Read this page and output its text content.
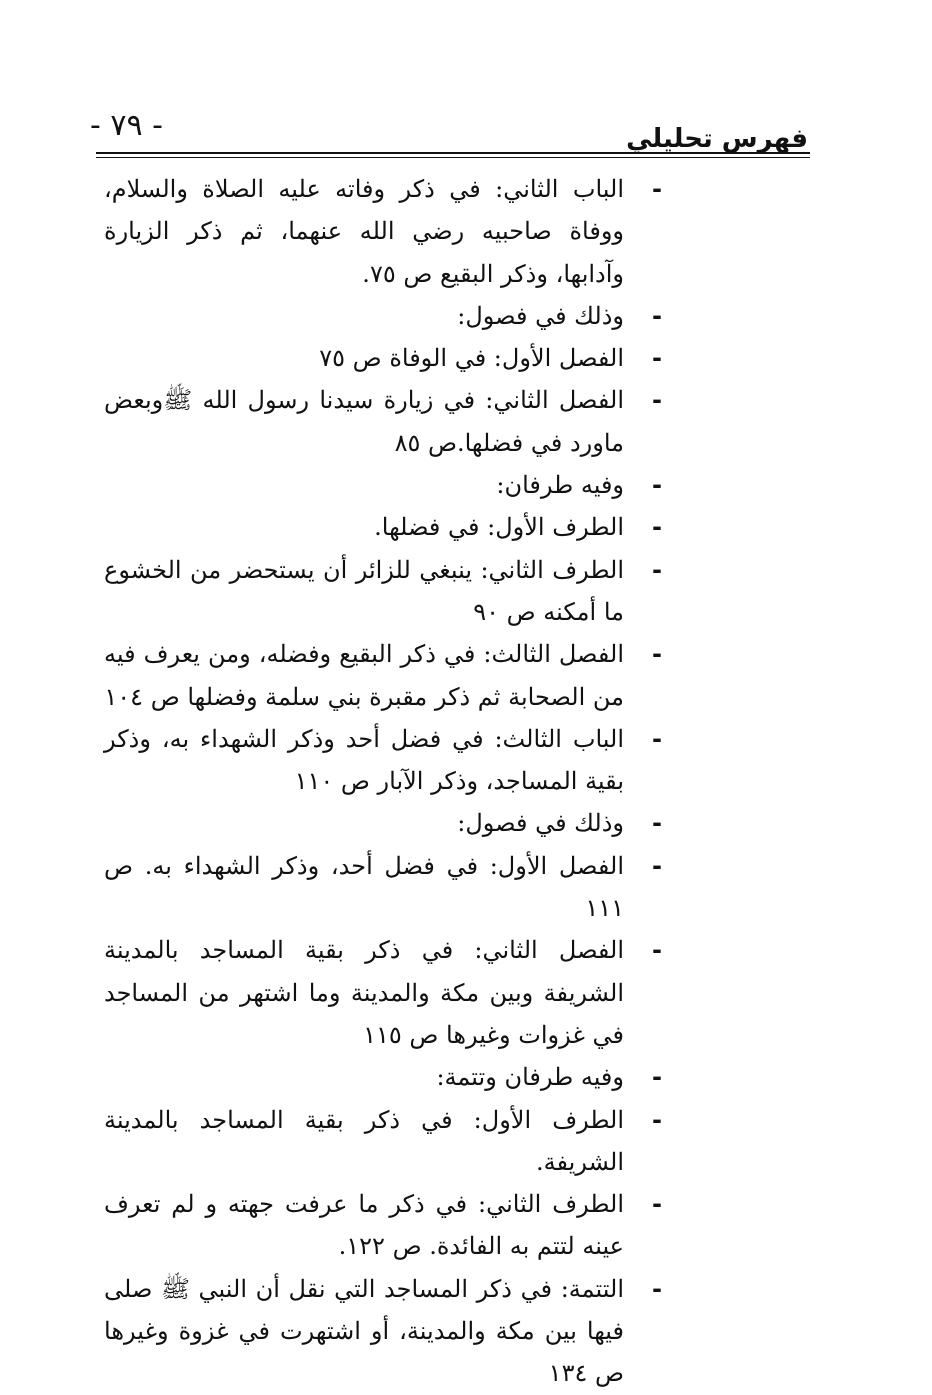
- ٧٩ -	فهرس تحليلي
-
الباب الثاني: في ذكر وفاته عليه الصلاة والسلام، ووفاة صاحبيه رضي الله عنهما، ثم ذكر الزيارة وآدابها، وذكر البقيع ص ٧٥.
-
وذلك في فصول:
-
الفصل الأول: في الوفاة ص ٧٥
-
الفصل الثاني: في زيارة سيدنا رسول الله ﷺوبعض ماورد في فضلها.ص ٨٥
-
وفيه طرفان:
-
الطرف الأول: في فضلها.
-
الطرف الثاني: ينبغي للزائر أن يستحضر من الخشوع ما أمكنه ص ٩٠
-
الفصل الثالث: في ذكر البقيع وفضله، ومن يعرف فيه من الصحابة ثم ذكر مقبرة بني سلمة وفضلها ص ١٠٤
-
الباب الثالث: في فضل أحد وذكر الشهداء به، وذكر بقية المساجد، وذكر الآبار ص ١١٠
-
وذلك في فصول:
-
الفصل الأول: في فضل أحد، وذكر الشهداء به. ص ١١١
-
الفصل الثاني: في ذكر بقية المساجد بالمدينة الشريفة وبين مكة والمدينة وما اشتهر من المساجد في غزوات وغيرها ص ١١٥
-
وفيه طرفان وتتمة:
-
الطرف الأول: في ذكر بقية المساجد بالمدينة الشريفة.
-
الطرف الثاني: في ذكر ما عرفت جهته و لم تعرف عينه لتتم به الفائدة. ص ١٢٢.
-
التتمة: في ذكر المساجد التي نقل أن النبي ﷺ صلى فيها بين مكة والمدينة، أو اشتهرت في غزوة وغيرها ص ١٣٤
